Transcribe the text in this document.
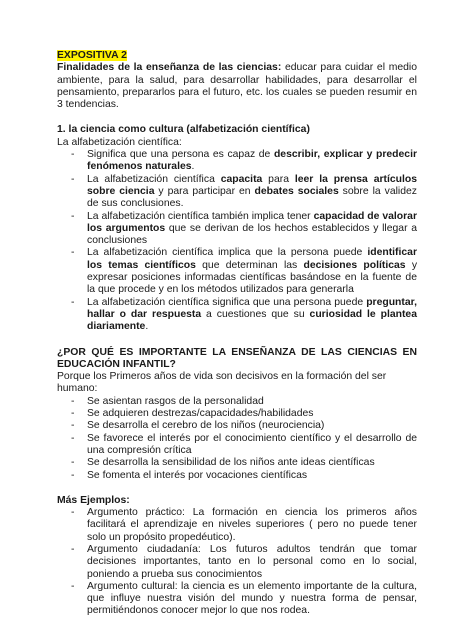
EXPOSITIVA 2
Finalidades de la enseñanza de las ciencias: educar para cuidar el medio ambiente, para la salud, para desarrollar habilidades, para desarrollar el pensamiento, prepararlos para el futuro, etc. los cuales se pueden resumir en 3 tendencias.
1. la ciencia como cultura (alfabetización científica)
La alfabetización científica:
- Significa que una persona es capaz de describir, explicar y predecir fenómenos naturales.
- La alfabetización científica capacita para leer la prensa artículos sobre ciencia y para participar en debates sociales sobre la validez de sus conclusiones.
- La alfabetización científica también implica tener capacidad de valorar los argumentos que se derivan de los hechos establecidos y llegar a conclusiones
- La alfabetización científica implica que la persona puede identificar los temas científicos que determinan las decisiones políticas y expresar posiciones informadas científicas basándose en la fuente de la que procede y en los métodos utilizados para generarla
- La alfabetización científica significa que una persona puede preguntar, hallar o dar respuesta a cuestiones que su curiosidad le plantea diariamente.
¿POR QUÉ ES IMPORTANTE LA ENSEÑANZA DE LAS CIENCIAS EN EDUCACIÓN INFANTIL?
Porque los Primeros años de vida son decisivos en la formación del ser humano:
- Se asientan rasgos de la personalidad
- Se adquieren destrezas/capacidades/habilidades
- Se desarrolla el cerebro de los niños (neurociencia)
- Se favorece el interés por el conocimiento científico y el desarrollo de una compresión crítica
- Se desarrolla la sensibilidad de los niños ante ideas científicas
- Se fomenta el interés por vocaciones científicas
Más Ejemplos:
- Argumento práctico: La formación en ciencia los primeros años facilitará el aprendizaje en niveles superiores ( pero no puede tener solo un propósito propedéutico).
- Argumento ciudadanía: Los futuros adultos tendrán que tomar decisiones importantes, tanto en lo personal como en lo social, poniendo a prueba sus conocimientos
- Argumento cultural: la ciencia es un elemento importante de la cultura, que influye nuestra visión del mundo y nuestra forma de pensar, permitiéndonos conocer mejor lo que nos rodea.
